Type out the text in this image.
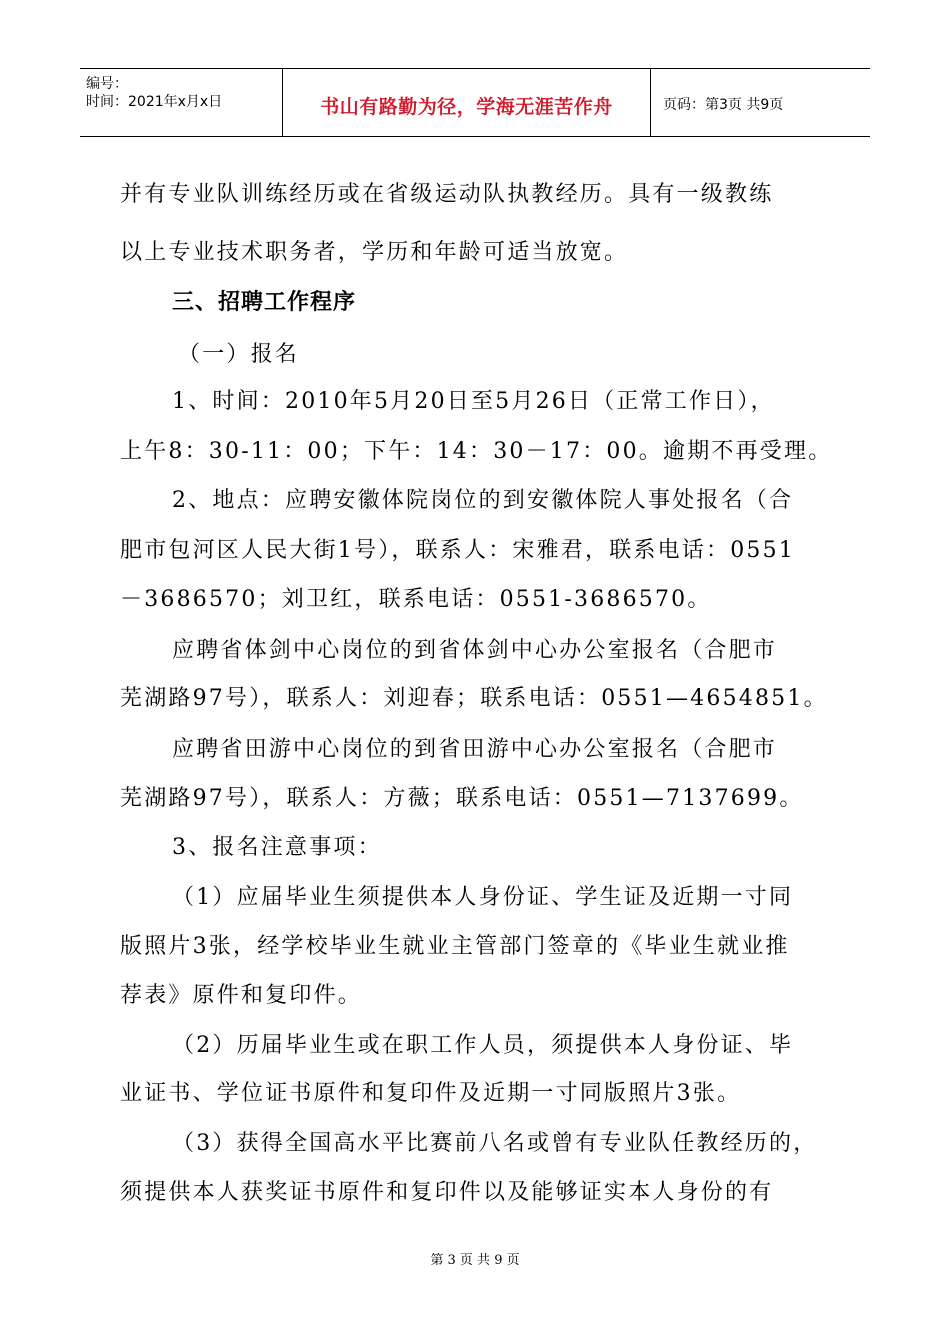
编号：
时间：2021年x月x日	书山有路勤为径，学海无涯苦作舟	页码：第3页 共9页
并有专业队训练经历或在省级运动队执教经历。具有一级教练
以上专业技术职务者，学历和年龄可适当放宽。
三、招聘工作程序
（一）报名
1、时间：2010年5月20日至5月26日（正常工作日），
上午8：30-11：00；下午：14：30－17：00。逾期不再受理。
2、地点：应聘安徽体院岗位的到安徽体院人事处报名（合
肥市包河区人民大街1号），联系人：宋雅君，联系电话：0551
－3686570；刘卫红，联系电话：0551-3686570。
应聘省体剑中心岗位的到省体剑中心办公室报名（合肥市
芜湖路97号），联系人：刘迎春；联系电话：0551—4654851。
应聘省田游中心岗位的到省田游中心办公室报名（合肥市
芜湖路97号），联系人：方薇；联系电话：0551—7137699。
3、报名注意事项：
（1）应届毕业生须提供本人身份证、学生证及近期一寸同
版照片3张，经学校毕业生就业主管部门签章的《毕业生就业推
荐表》原件和复印件。
（2）历届毕业生或在职工作人员，须提供本人身份证、毕
业证书、学位证书原件和复印件及近期一寸同版照片3张。
（3）获得全国高水平比赛前八名或曾有专业队任教经历的，
须提供本人获奖证书原件和复印件以及能够证实本人身份的有
第 3 页 共 9 页
